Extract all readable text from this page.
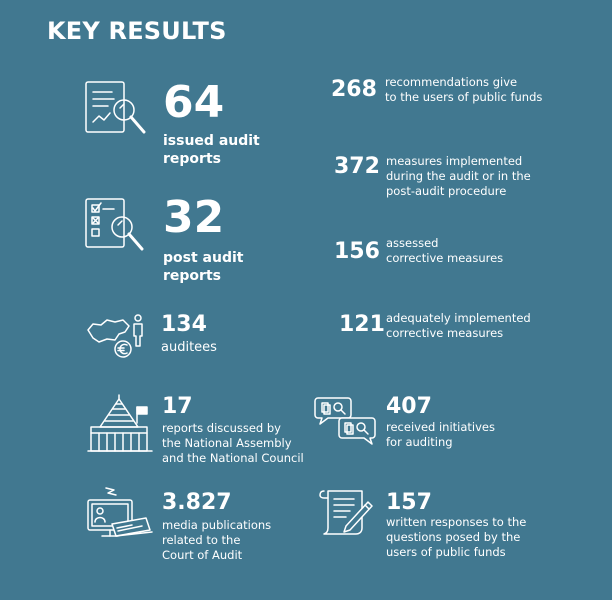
KEY RESULTS
64
issued audit
reports
32
post audit
reports
134
auditees
17
reports discussed by
the National Assembly
and the National Council
3.827
media publications
related to the
Court of Audit
268 recommendations give
to the users of public funds
372 measures implemented
during the audit or in the
post-audit procedure
156 assessed
corrective measures
121 adequately implemented
corrective measures
407
received initiatives
for auditing
157
written responses to the
questions posed by the
users of public funds
